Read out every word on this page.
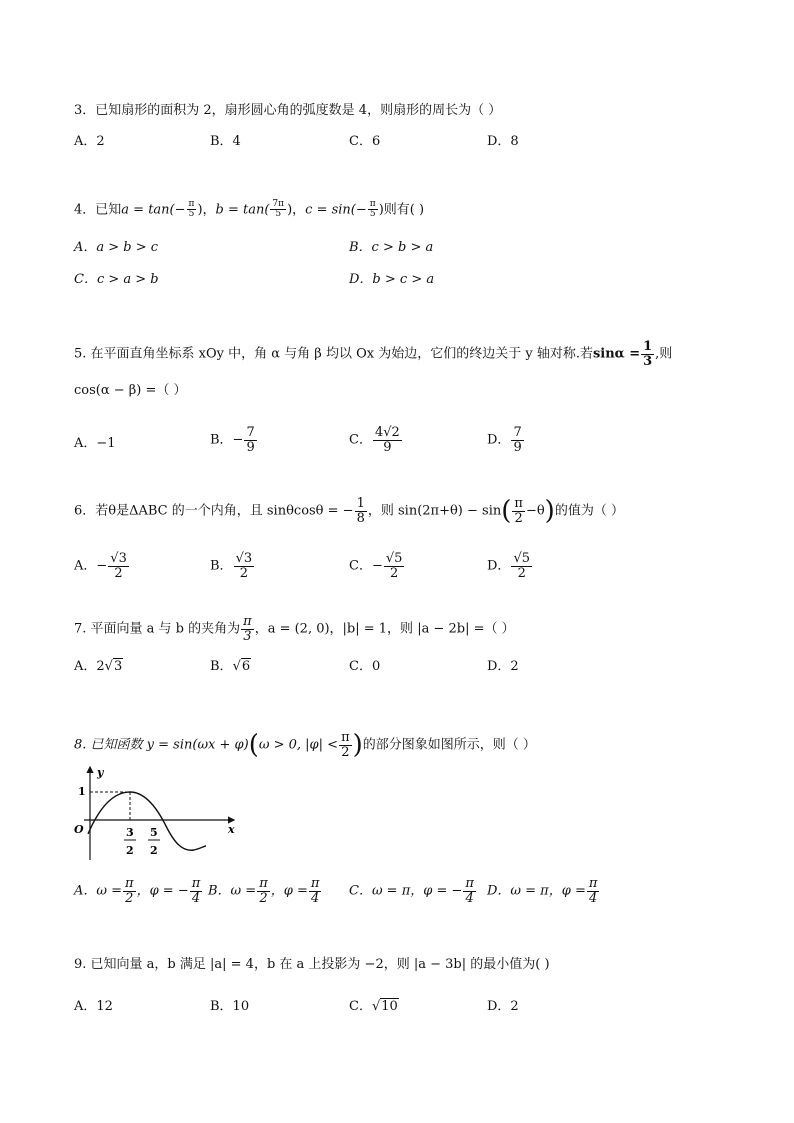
3．已知扇形的面积为 2，扇形圆心角的弧度数是 4，则扇形的周长为（ ）
A．2	B．4	C．6	D．8
4．已知$a = \tan(- \frac{\pi}{5}$ )，$b = \tan( \frac{7\pi}{5}$ )，$c = \sin(- \frac{\pi}{5}$ )则有( )
A．a > b > c	B．c > b > a
C．c > a > b	D．b > c > a
5. 在平面直角坐标系 xOy 中，角 α 与角 β 均以 Ox 为始边，它们的终边关于 y 轴对称.若$\sin\alpha = \frac{1}{3}$ ,则
cos(α − β) =（ ）
A．−1	B．− $\frac{7}{9}$	C． $\frac{4√2}{9}$	D． $\frac{7}{9}$
6．若θ是ΔABC 的一个内角，且 sinθcosθ = − $\frac{1}{8}$ ，则 $\sin(2\pi+\theta) - \sin( \frac{\pi}{2} -\theta)$的值为（ ）
A．− $\frac{√3}{2}$	B． $\frac{√3}{2}$	C．− $\frac{√5}{2}$	D． $\frac{√5}{2}$
7. 平面向量 a 与 b 的夹角为 $\frac{\pi}{3}$ ，a = (2, 0)，|b| = 1，则 |a − 2b| =（ ）
A．2√3	B．√6	C．0	D．2
8. 已知函数 y = sin(ωx + φ)(ω > 0, $|\varphi| < \frac{\pi}{2}$ )的部分图象如图所示，则（ ）
y
x
O
1
3
2
5
2
A．$\omega = \frac{\pi}{2}$ ，φ = − $\frac{\pi}{4}$ B．$\omega = \frac{\pi}{2}$ ，$\varphi = \frac{\pi}{4}$ C．ω = π，φ = − $\frac{\pi}{4}$ D．ω = π，$\varphi = \frac{\pi}{4}$
9. 已知向量 a，b 满足 |a| = 4，b 在 a 上投影为 −2，则 |a − 3b| 的最小值为( )
A．12	B．10	C．√10	D．2
